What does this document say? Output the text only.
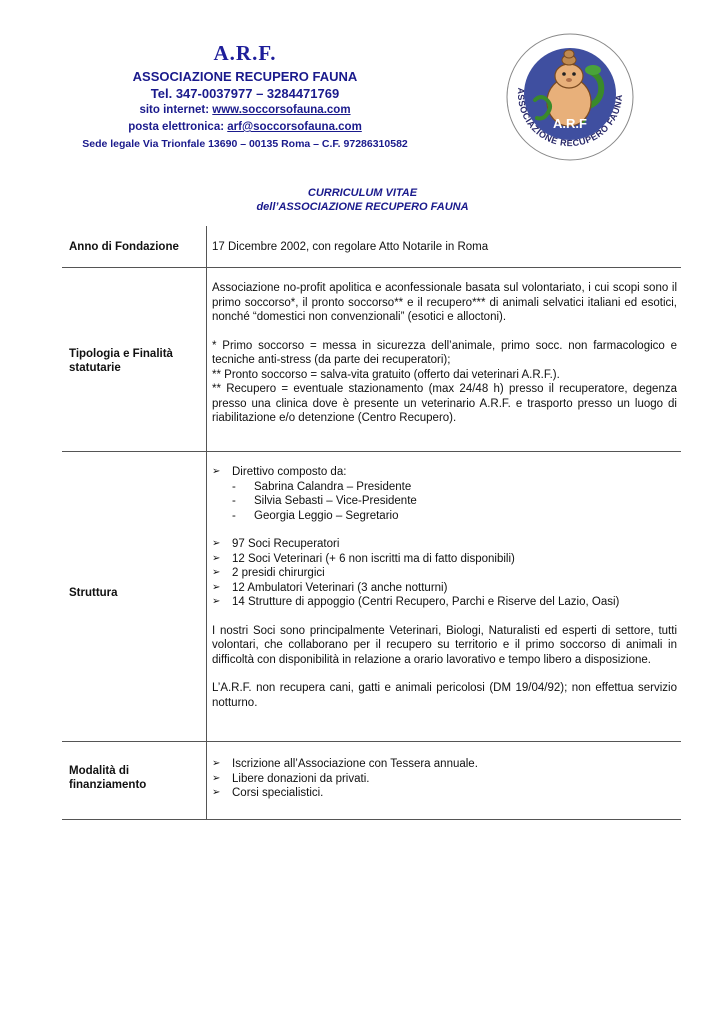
A.R.F.
ASSOCIAZIONE RECUPERO FAUNA
Tel. 347-0037977 – 3284471769
sito internet: www.soccorsofauna.com
posta elettronica: arf@soccorsofauna.com
Sede legale Via Trionfale 13690 – 00135 Roma – C.F. 97286310582
A.R.F
ASSOCIAZIONE RECUPERO FAUNA
CURRICULUM VITAE
dell’ASSOCIAZIONE RECUPERO FAUNA
Anno di Fondazione	17 Dicembre 2002, con regolare Atto Notarile in Roma
Tipologia e Finalità statutarie

Associazione no-profit apolitica e aconfessionale basata sul volontariato, i cui scopi sono il primo soccorso*, il pronto soccorso** e il recupero*** di animali selvatici italiani ed esotici, nonché “domestici non convenzionali” (esotici e alloctoni).

* Primo soccorso = messa in sicurezza dell’animale, primo socc. non farmacologico e tecniche anti-stress (da parte dei recuperatori);

** Pronto soccorso = salva-vita gratuito (offerto dai veterinari A.R.F.).

** Recupero = eventuale stazionamento (max 24/48 h) presso il recuperatore, degenza presso una clinica dove è presente un veterinario A.R.F. e trasporto presso un luogo di riabilitazione e/o detenzione (Centro Recupero).

Struttura
➢ Direttivo composto da:
- Sabrina Calandra – Presidente
- Silvia Sebasti – Vice-Presidente
- Georgia Leggio – Segretario
➢ 97 Soci Recuperatori
➢ 12 Soci Veterinari (+ 6 non iscritti ma di fatto disponibili)
➢ 2 presidi chirurgici
➢ 12 Ambulatori Veterinari (3 anche notturni)
➢ 14 Strutture di appoggio (Centri Recupero, Parchi e Riserve del Lazio, Oasi)

I nostri Soci sono principalmente Veterinari, Biologi, Naturalisti ed esperti di settore, tutti volontari, che collaborano per il recupero su territorio e il primo soccorso di animali in difficoltà con disponibilità in relazione a orario lavorativo e tempo libero a disposizione.

L’A.R.F. non recupera cani, gatti e animali pericolosi (DM 19/04/92); non effettua servizio notturno.

Modalità di finanziamento
➢ Iscrizione all’Associazione con Tessera annuale.
➢ Libere donazioni da privati.
➢ Corsi specialistici.
